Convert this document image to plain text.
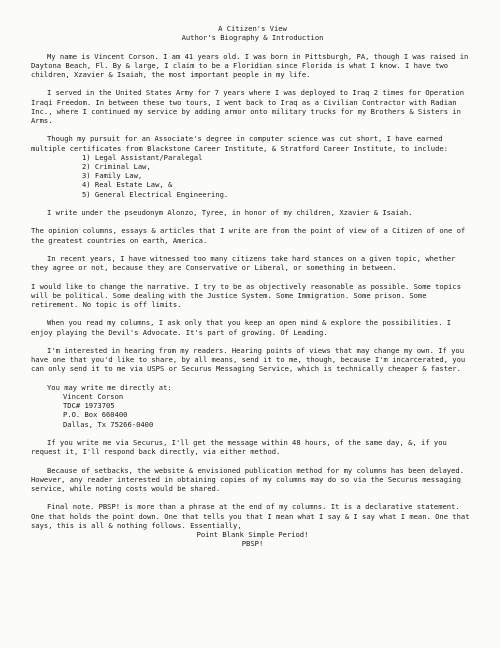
A Citizen's View
Author's Biography & Introduction

My name is Vincent Corson. I am 41 years old. I was born in Pittsburgh, PA, though I was raised in Daytona Beach, Fl. By & large, I claim to be a Floridian since Florida is what I know. I have two children, Xzavier & Isaiah, the most important people in my life.

I served in the United States Army for 7 years where I was deployed to Iraq 2 times for Operation Iraqi Freedom. In between these two tours, I went back to Iraq as a Civilian Contractor with Radian Inc., where I continued my service by adding armor onto military trucks for my Brothers & Sisters in Arms.

Though my pursuit for an Associate's degree in computer science was cut short, I have earned multiple certificates from Blackstone Career Institute, & Stratford Career Institute, to include:

1) Legal Assistant/Paralegal
2) Criminal Law,
3) Family Law,
4) Real Estate Law, &
5) General Electrical Engineering.

I write under the pseudonym Alonzo, Tyree, in honor of my children, Xzavier & Isaiah.

The opinion columns, essays & articles that I write are from the point of view of a Citizen of one of the greatest countries on earth, America.

In recent years, I have witnessed too many citizens take hard stances on a given topic, whether they agree or not, because they are Conservative or Liberal, or something in between.

I would like to change the narrative. I try to be as objectively reasonable as possible. Some topics will be political. Some dealing with the Justice System. Some Immigration. Some prison. Some retirement. No topic is off limits.

When you read my columns, I ask only that you keep an open mind & explore the possibilities. I enjoy playing the Devil's Advocate. It's part of growing. Of Leading.

I'm interested in hearing from my readers. Hearing points of views that may change my own. If you have one that you'd like to share, by all means, send it to me, though, because I'm incarcerated, you can only send it to me via USPS or Securus Messaging Service, which is technically cheaper & faster.

You may write me directly at:

Vincent Corson
TDC# 1973705
P.O. Box 660400
Dallas, Tx 75266-0400

If you write me via Securus, I'll get the message within 48 hours, of the same day, &, if you request it, I'll respond back directly, via either method.

Because of setbacks, the website & envisioned publication method for my columns has been delayed. However, any reader interested in obtaining copies of my columns may do so via the Securus messaging service, while noting costs would be shared.

Final note. PBSP! is more than a phrase at the end of my columns. It is a declarative statement. One that holds the point down. One that tells you that I mean what I say & I say what I mean. One that says, this is all & nothing follows. Essentially,

Point Blank Simple Period!
PBSP!
